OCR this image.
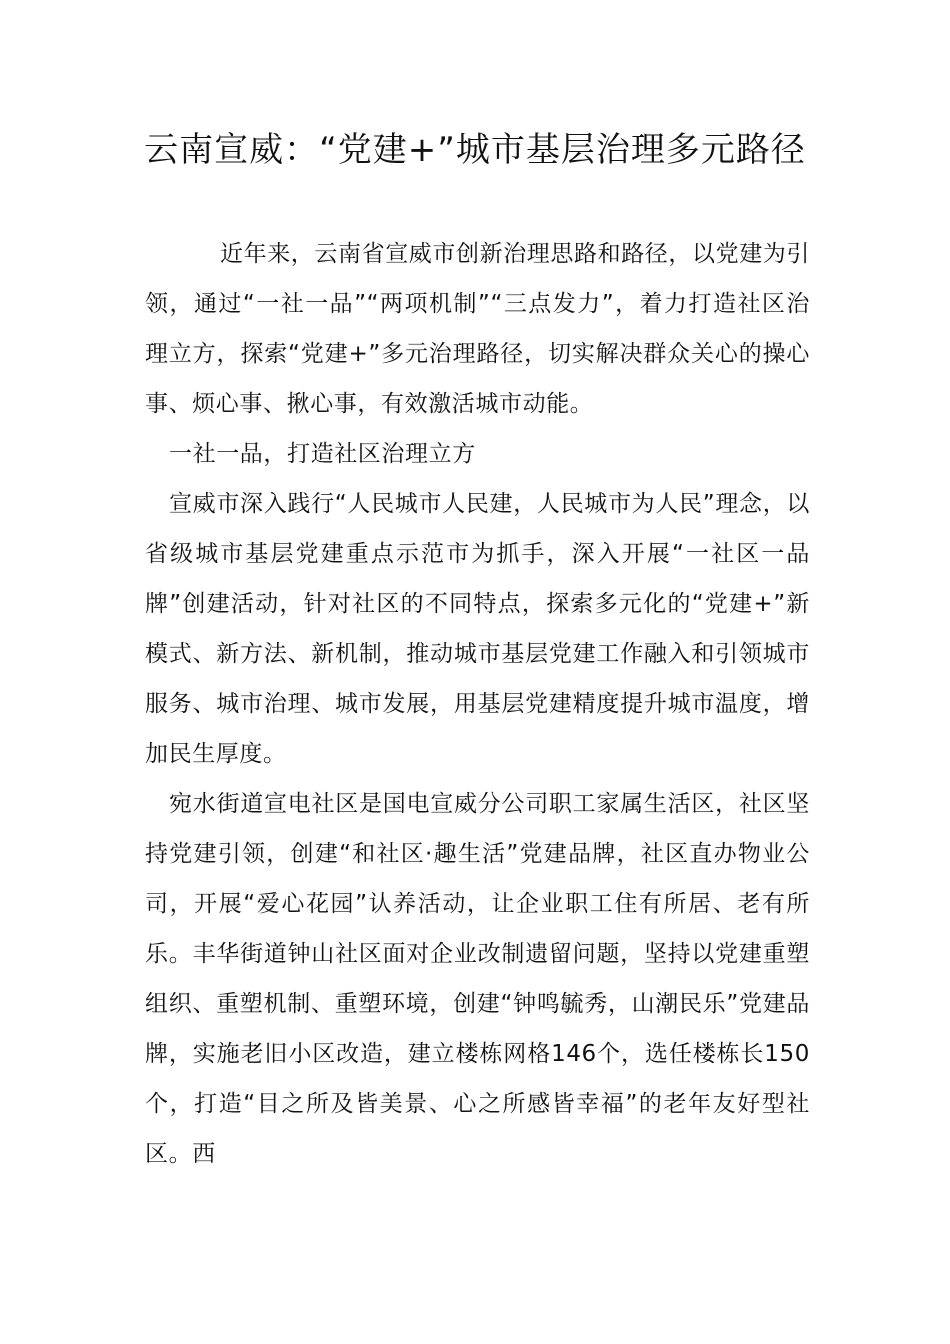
云南宣威：“党建+”城市基层治理多元路径

近年来，云南省宣威市创新治理思路和路径，以党建为引领，通过“一社一品”“两项机制”“三点发力”，着力打造社区治理立方，探索“党建+”多元治理路径，切实解决群众关心的操心事、烦心事、揪心事，有效激活城市动能。

一社一品，打造社区治理立方

宣威市深入践行“人民城市人民建，人民城市为人民”理念，以省级城市基层党建重点示范市为抓手，深入开展“一社区一品牌”创建活动，针对社区的不同特点，探索多元化的“党建+”新模式、新方法、新机制，推动城市基层党建工作融入和引领城市服务、城市治理、城市发展，用基层党建精度提升城市温度，增加民生厚度。

宛水街道宣电社区是国电宣威分公司职工家属生活区，社区坚持党建引领，创建“和社区·趣生活”党建品牌，社区直办物业公司，开展“爱心花园”认养活动，让企业职工住有所居、老有所乐。丰华街道钟山社区面对企业改制遗留问题，坚持以党建重塑组织、重塑机制、重塑环境，创建“钟鸣毓秀，山潮民乐”党建品牌，实施老旧小区改造，建立楼栋网格146个，选任楼栋长150个，打造“目之所及皆美景、心之所感皆幸福”的老年友好型社区。西
